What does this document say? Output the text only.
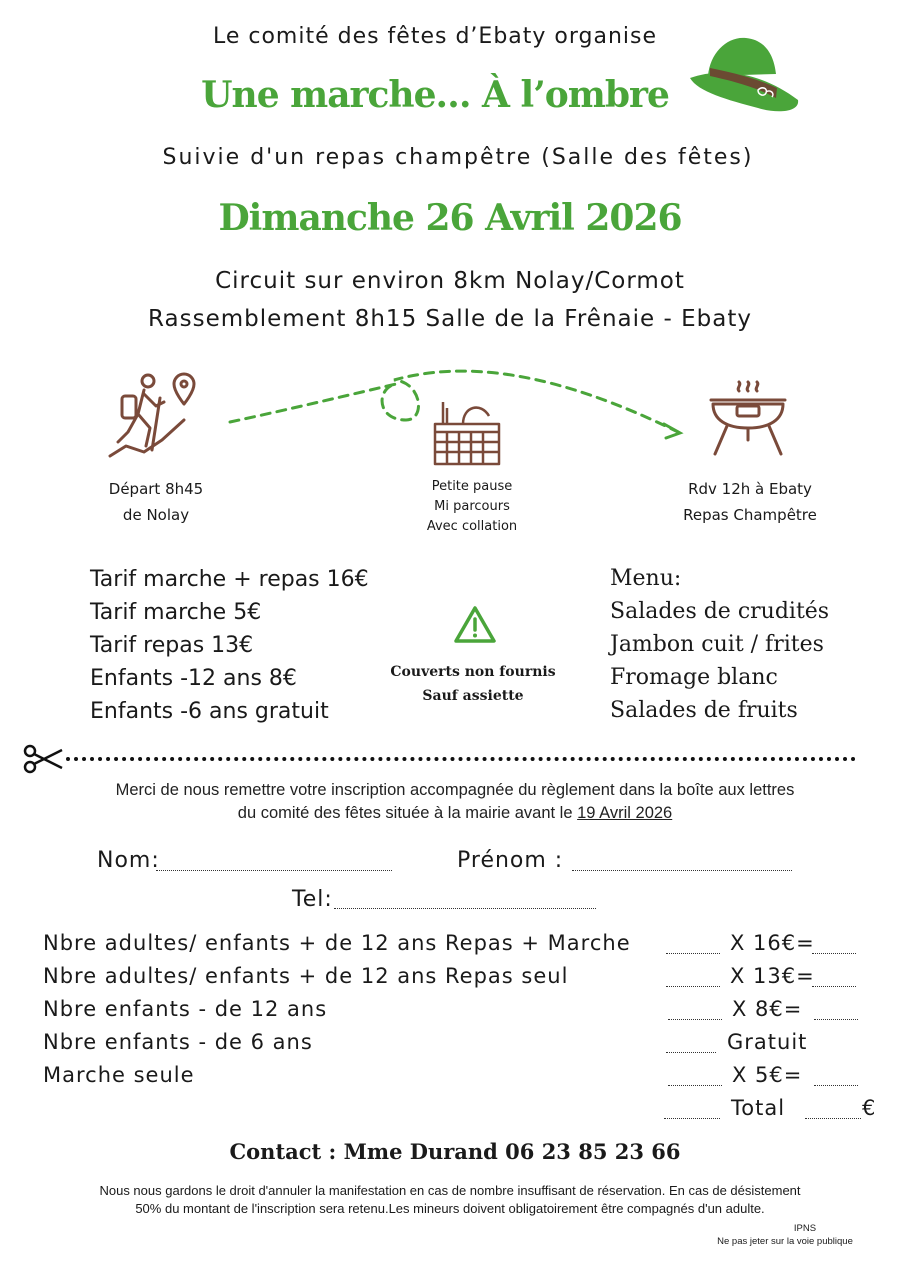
Le comité des fêtes d’Ebaty organise
Une marche… À l’ombre
Suivie d'un repas champêtre (Salle des fêtes)
Dimanche 26 Avril 2026
Circuit sur environ 8km Nolay/Cormot
Rassemblement 8h15 Salle de la Frênaie - Ebaty
Départ 8h45
de Nolay
Petite pause
Mi parcours
Avec collation
Rdv 12h à Ebaty
Repas Champêtre
Tarif marche + repas 16€
Tarif marche 5€
Tarif repas 13€
Enfants -12 ans 8€
Enfants -6 ans gratuit
Couverts non fournis
Sauf assiette
Menu:
Salades de crudités
Jambon cuit / frites
Fromage blanc
Salades de fruits
Merci de nous remettre votre inscription accompagnée du règlement dans la boîte aux lettres
du comité des fêtes située à la mairie avant le 19 Avril 2026
Nom:	Prénom :
Tel:
Nbre adultes/ enfants + de 12 ans Repas + Marche	X 16€=
Nbre adultes/ enfants + de 12 ans Repas seul	X 13€=
Nbre enfants - de 12 ans	X 8€=
Nbre enfants - de 6 ans	Gratuit
Marche seule	X 5€=
Total	€
Contact : Mme Durand 06 23 85 23 66
Nous nous gardons le droit d'annuler la manifestation en cas de nombre insuffisant de réservation. En cas de désistement
50% du montant de l'inscription sera retenu.Les mineurs doivent obligatoirement être compagnés d'un adulte.
IPNS
Ne pas jeter sur la voie publique
